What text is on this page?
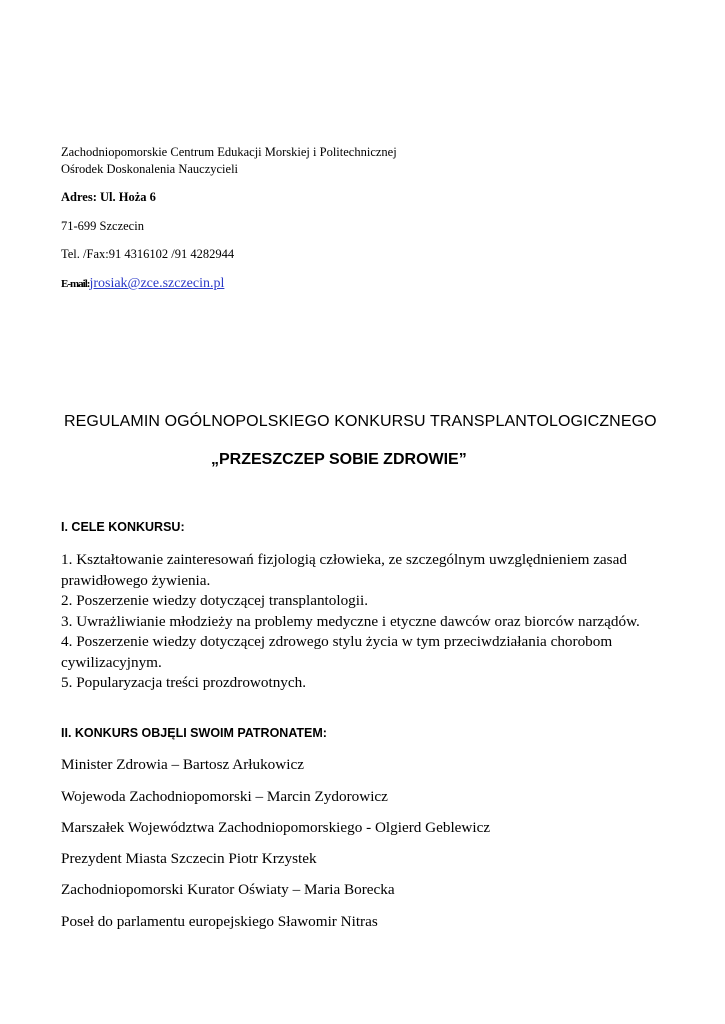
Zachodniopomorskie Centrum Edukacji Morskiej i Politechnicznej
Ośrodek Doskonalenia Nauczycieli
Adres: Ul. Hoża 6
71-699 Szczecin
Tel. /Fax:91 4316102 /91 4282944
E-mail:jrosiak@zce.szczecin.pl
REGULAMIN OGÓLNOPOLSKIEGO KONKURSU TRANSPLANTOLOGICZNEGO
„PRZESZCZEP SOBIE ZDROWIE”
I. CELE KONKURSU:
1. Kształtowanie zainteresowań fizjologią człowieka, ze szczególnym uwzględnieniem zasad
prawidłowego żywienia.
2. Poszerzenie wiedzy dotyczącej transplantologii.
3. Uwrażliwianie młodzieży na problemy medyczne i etyczne dawców oraz biorców narządów.
4. Poszerzenie wiedzy dotyczącej zdrowego stylu życia w tym przeciwdziałania chorobom
cywilizacyjnym.
5. Popularyzacja treści prozdrowotnych.
II. KONKURS OBJĘLI SWOIM PATRONATEM:
Minister Zdrowia – Bartosz Arłukowicz
Wojewoda Zachodniopomorski – Marcin Zydorowicz
Marszałek Województwa Zachodniopomorskiego - Olgierd Geblewicz
Prezydent Miasta Szczecin Piotr Krzystek
Zachodniopomorski Kurator Oświaty – Maria Borecka
Poseł do parlamentu europejskiego Sławomir Nitras
